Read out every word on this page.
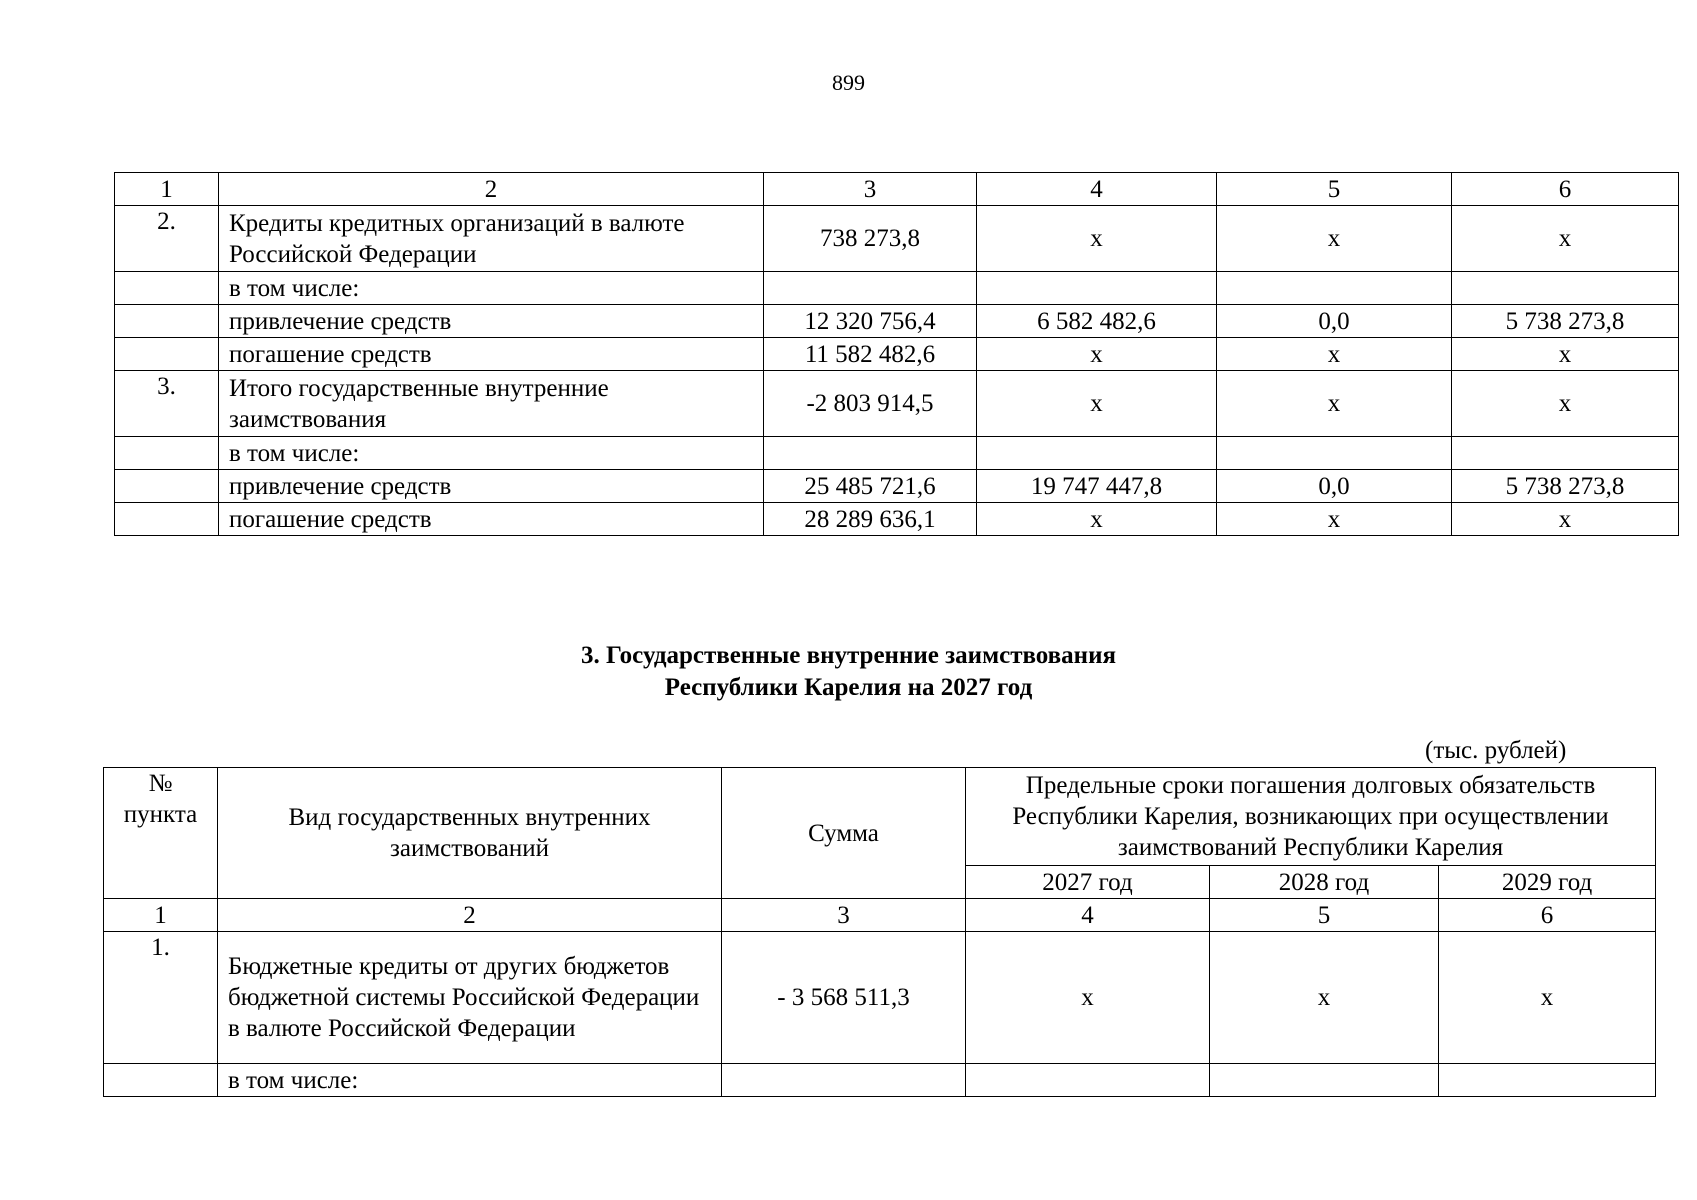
899
1	2	3	4	5	6
2.	Кредиты кредитных организаций в валюте Российской Федерации	738 273,8	х	х	х
	в том числе:				
	привлечение средств	12 320 756,4	6 582 482,6	0,0	5 738 273,8
	погашение средств	11 582 482,6	х	х	х
3.	Итого государственные внутренние заимствования	-2 803 914,5	х	х	х
	в том числе:				
	привлечение средств	25 485 721,6	19 747 447,8	0,0	5 738 273,8
	погашение средств	28 289 636,1	х	х	х
3. Государственные внутренние заимствования
Республики Карелия на 2027 год
(тыс. рублей)
№
пункта	Вид государственных внутренних заимствований	Сумма	Предельные сроки погашения долговых обязательств Республики Карелия, возникающих при осуществлении заимствований Республики Карелия		
			2027 год	2028 год	2029 год
1	2	3	4	5	6
1.	Бюджетные кредиты от других бюджетов бюджетной системы Российской Федерации в валюте Российской Федерации	- 3 568 511,3	х	х	х
	в том числе:				
